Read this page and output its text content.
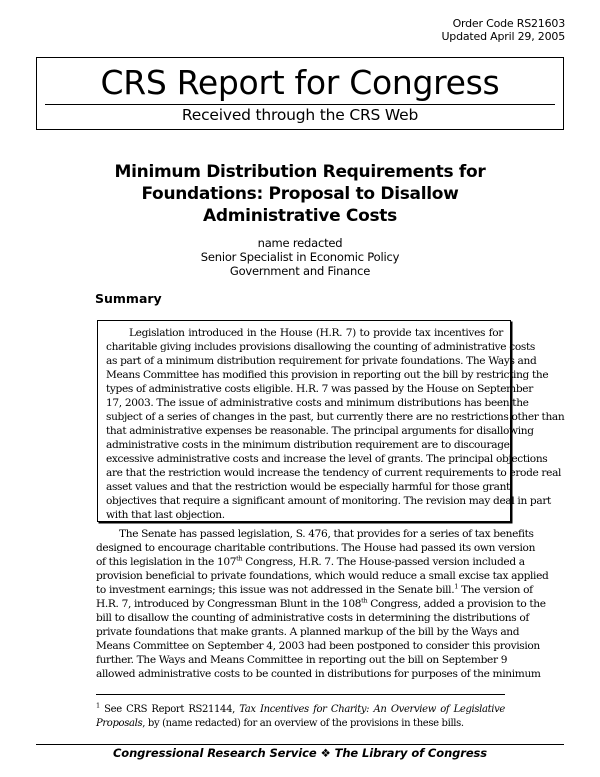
Order Code RS21603
Updated April 29, 2005
CRS Report for Congress
Received through the CRS Web
Minimum Distribution Requirements for
Foundations: Proposal to Disallow
Administrative Costs
name redacted
Senior Specialist in Economic Policy
Government and Finance
Summary
Legislation introduced in the House (H.R. 7) to provide tax incentives for
charitable giving includes provisions disallowing the counting of administrative costs
as part of a minimum distribution requirement for private foundations. The Ways and
Means Committee has modified this provision in reporting out the bill by restricting the
types of administrative costs eligible. H.R. 7 was passed by the House on September
17, 2003. The issue of administrative costs and minimum distributions has been the
subject of a series of changes in the past, but currently there are no restrictions other than
that administrative expenses be reasonable. The principal arguments for disallowing
administrative costs in the minimum distribution requirement are to discourage
excessive administrative costs and increase the level of grants. The principal objections
are that the restriction would increase the tendency of current requirements to erode real
asset values and that the restriction would be especially harmful for those grant
objectives that require a significant amount of monitoring. The revision may deal in part
with that last objection.
The Senate has passed legislation, S. 476, that provides for a series of tax benefits
designed to encourage charitable contributions. The House had passed its own version
of this legislation in the 107th Congress, H.R. 7. The House-passed version included a
provision beneficial to private foundations, which would reduce a small excise tax applied
to investment earnings; this issue was not addressed in the Senate bill.$^1$ The version of
H.R. 7, introduced by Congressman Blunt in the 108th Congress, added a provision to the
bill to disallow the counting of administrative costs in determining the distributions of
private foundations that make grants. A planned markup of the bill by the Ways and
Means Committee on September 4, 2003 had been postponed to consider this provision
further. The Ways and Means Committee in reporting out the bill on September 9
allowed administrative costs to be counted in distributions for purposes of the minimum
$^1$ See CRS Report RS21144, Tax Incentives for Charity: An Overview of Legislative
Proposals, by (name redacted) for an overview of the provisions in these bills.
Congressional Research Service ❖ The Library of Congress
